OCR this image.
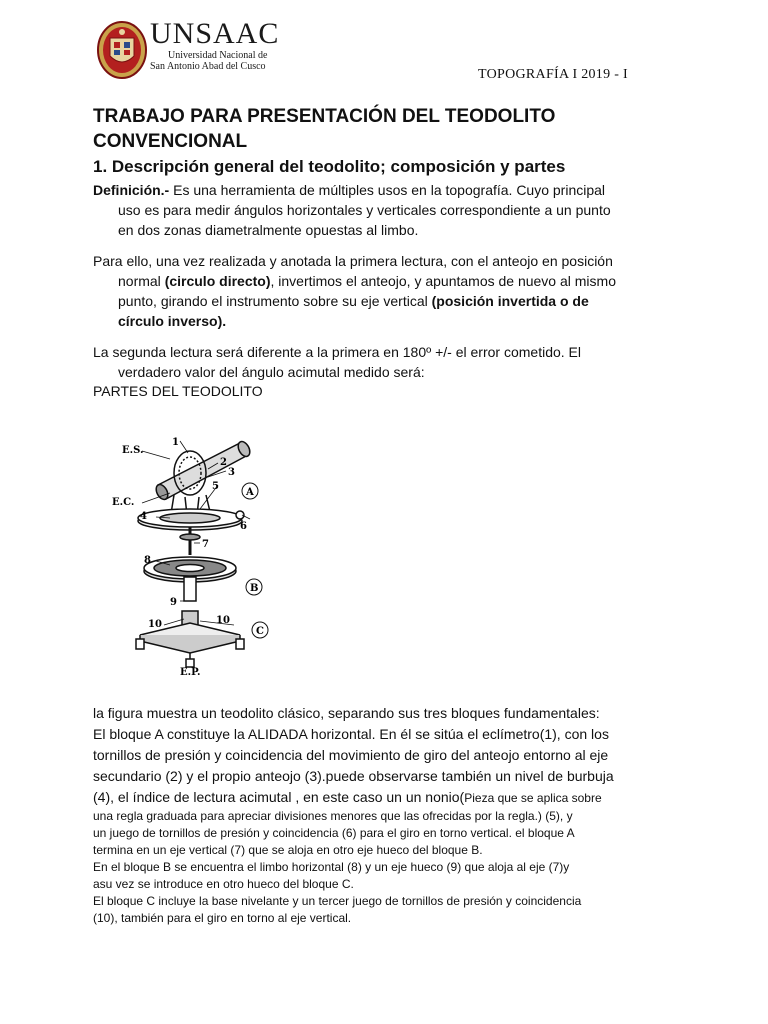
UNSAAC
Universidad Nacional de
San Antonio Abad del Cusco
TOPOGRAFÍA I 2019 - I
TRABAJO PARA PRESENTACIÓN DEL TEODOLITO CONVENCIONAL
1. Descripción general del teodolito; composición y partes
Definición.- Es una herramienta de múltiples usos en la topografía. Cuyo principal
uso es para medir ángulos horizontales y verticales correspondiente a un punto
en dos zonas diametralmente opuestas al limbo.
Para ello, una vez realizada y anotada la primera lectura, con el anteojo en posición
normal (circulo directo), invertimos el anteojo, y apuntamos de nuevo al mismo
punto, girando el instrumento sobre su eje vertical (posición invertida o de
círculo inverso).
La segunda lectura será diferente a la primera en 180º +/- el error cometido. El
verdadero valor del ángulo acimutal medido será:
PARTES DEL TEODOLITO
E.S.
1
2
3
A
E.C.
4
5
6
7
8
B
9
10	10
C
E.P.
la figura muestra un teodolito clásico, separando sus tres bloques fundamentales:
El bloque A constituye la ALIDADA horizontal. En él se sitúa el eclímetro(1), con los
tornillos de presión y coincidencia del movimiento de giro del anteojo entorno al eje
secundario (2) y el propio anteojo (3).puede observarse también un nivel de burbuja
(4), el índice de lectura acimutal , en este caso un un nonio(Pieza que se aplica sobre
una regla graduada para apreciar divisiones menores que las ofrecidas por la regla.) (5), y
un juego de tornillos de presión y coincidencia (6) para el giro en torno vertical. el bloque A
termina en un eje vertical (7) que se aloja en otro eje hueco del bloque B.
En el bloque B se encuentra el limbo horizontal (8) y un eje hueco (9) que aloja al eje (7)y
asu vez se introduce en otro hueco del bloque C.
El bloque C incluye la base nivelante y un tercer juego de tornillos de presión y coincidencia
(10), también para el giro en torno al eje vertical.
